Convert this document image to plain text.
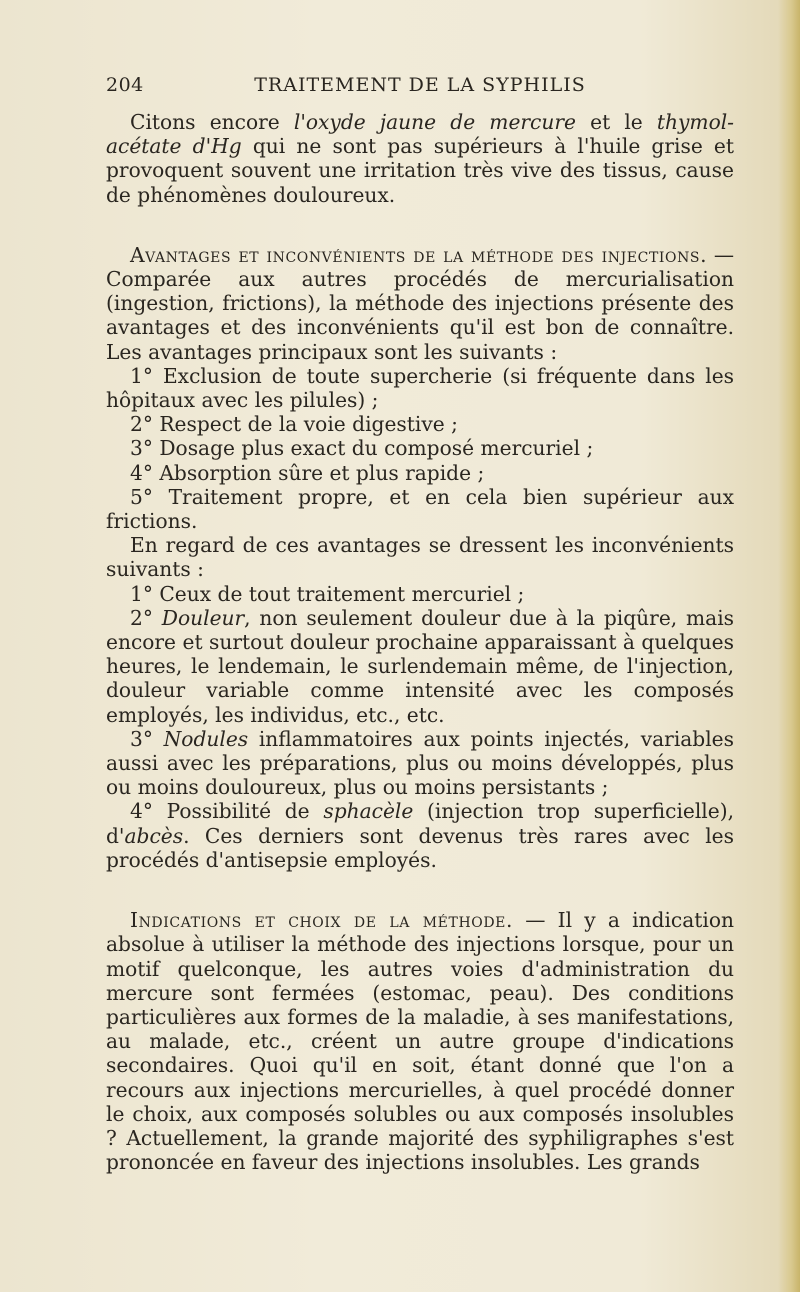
204	TRAITEMENT DE LA SYPHILIS

Citons encore l'oxyde jaune de mercure et le thymol-acétate d'Hg qui ne sont pas supérieurs à l'huile grise et provoquent souvent une irritation très vive des tissus, cause de phénomènes douloureux.

Avantages et inconvénients de la méthode des injections. — Comparée aux autres procédés de mercurialisation (ingestion, frictions), la méthode des injections présente des avantages et des inconvénients qu'il est bon de connaître. Les avantages principaux sont les suivants :

1° Exclusion de toute supercherie (si fréquente dans les hôpitaux avec les pilules) ;

2° Respect de la voie digestive ;

3° Dosage plus exact du composé mercuriel ;

4° Absorption sûre et plus rapide ;

5° Traitement propre, et en cela bien supérieur aux frictions.

En regard de ces avantages se dressent les inconvénients suivants :

1° Ceux de tout traitement mercuriel ;

2° Douleur, non seulement douleur due à la piqûre, mais encore et surtout douleur prochaine apparaissant à quelques heures, le lendemain, le surlendemain même, de l'injection, douleur variable comme intensité avec les composés employés, les individus, etc., etc.

3° Nodules inflammatoires aux points injectés, variables aussi avec les préparations, plus ou moins développés, plus ou moins douloureux, plus ou moins persistants ;

4° Possibilité de sphacèle (injection trop superficielle), d'abcès. Ces derniers sont devenus très rares avec les procédés d'antisepsie employés.

Indications et choix de la méthode. — Il y a indication absolue à utiliser la méthode des injections lorsque, pour un motif quelconque, les autres voies d'administration du mercure sont fermées (estomac, peau). Des conditions particulières aux formes de la maladie, à ses manifestations, au malade, etc., créent un autre groupe d'indications secondaires. Quoi qu'il en soit, étant donné que l'on a recours aux injections mercurielles, à quel procédé donner le choix, aux composés solubles ou aux composés insolubles ? Actuellement, la grande majorité des syphiligraphes s'est prononcée en faveur des injections insolubles. Les grands
